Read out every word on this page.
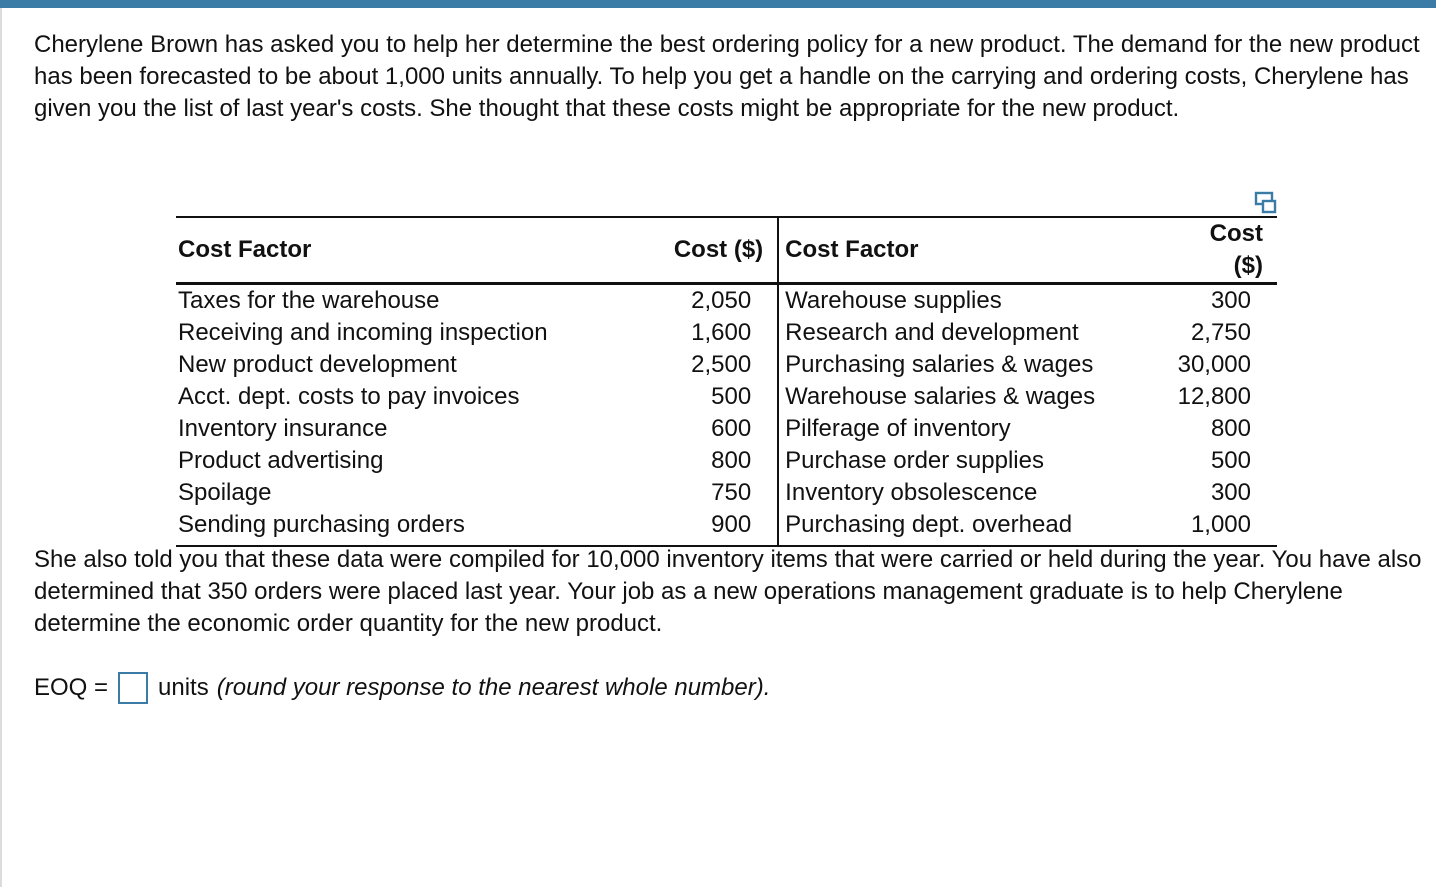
Cherylene Brown has asked you to help her determine the best ordering policy for a new product. The demand for the new product has been forecasted to be about 1,000 units annually. To help you get a handle on the carrying and ordering costs, Cherylene has given you the list of last year's costs. She thought that these costs might be appropriate for the new product.

Cost Factor	Cost ($)	Cost Factor	Cost ($)
Taxes for the warehouse	2,050	Warehouse supplies	300
Receiving and incoming inspection	1,600	Research and development	2,750
New product development	2,500	Purchasing salaries & wages	30,000
Acct. dept. costs to pay invoices	500	Warehouse salaries & wages	12,800
Inventory insurance	600	Pilferage of inventory	800
Product advertising	800	Purchase order supplies	500
Spoilage	750	Inventory obsolescence	300
Sending purchasing orders	900	Purchasing dept. overhead	1,000

She also told you that these data were compiled for 10,000 inventory items that were carried or held during the year. You have also determined that 350 orders were placed last year. Your job as a new operations management graduate is to help Cherylene determine the economic order quantity for the new product.

EOQ = units (round your response to the nearest whole number).
